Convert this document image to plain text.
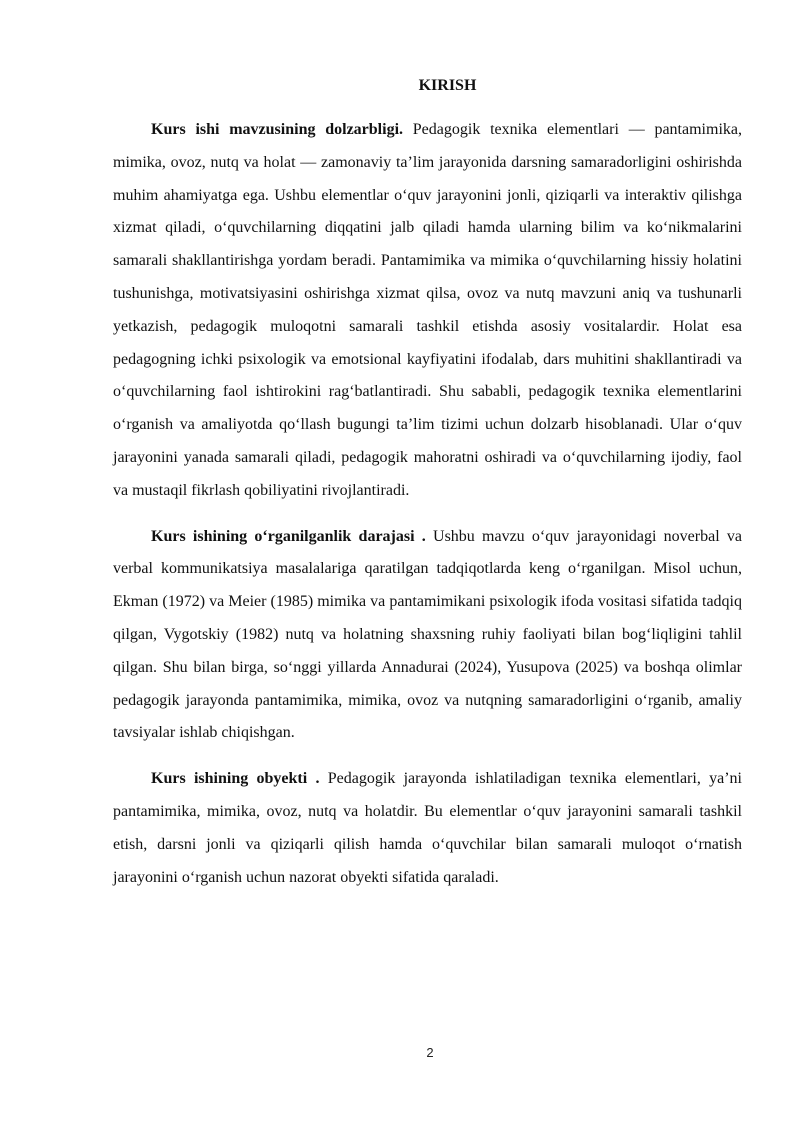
KIRISH

Kurs ishi mavzusining dolzarbligi. Pedagogik texnika elementlari — pantamimika, mimika, ovoz, nutq va holat — zamonaviy ta’lim jarayonida darsning samaradorligini oshirishda muhim ahamiyatga ega. Ushbu elementlar o‘quv jarayonini jonli, qiziqarli va interaktiv qilishga xizmat qiladi, o‘quvchilarning diqqatini jalb qiladi hamda ularning bilim va ko‘nikmalarini samarali shakllantirishga yordam beradi. Pantamimika va mimika o‘quvchilarning hissiy holatini tushunishga, motivatsiyasini oshirishga xizmat qilsa, ovoz va nutq mavzuni aniq va tushunarli yetkazish, pedagogik muloqotni samarali tashkil etishda asosiy vositalardir. Holat esa pedagogning ichki psixologik va emotsional kayfiyatini ifodalab, dars muhitini shakllantiradi va o‘quvchilarning faol ishtirokini rag‘batlantiradi. Shu sababli, pedagogik texnika elementlarini o‘rganish va amaliyotda qo‘llash bugungi ta’lim tizimi uchun dolzarb hisoblanadi. Ular o‘quv jarayonini yanada samarali qiladi, pedagogik mahoratni oshiradi va o‘quvchilarning ijodiy, faol va mustaqil fikrlash qobiliyatini rivojlantiradi.

Kurs ishining o‘rganilganlik darajasi . Ushbu mavzu o‘quv jarayonidagi noverbal va verbal kommunikatsiya masalalariga qaratilgan tadqiqotlarda keng o‘rganilgan. Misol uchun, Ekman (1972) va Meier (1985) mimika va pantamimikani psixologik ifoda vositasi sifatida tadqiq qilgan, Vygotskiy (1982) nutq va holatning shaxsning ruhiy faoliyati bilan bog‘liqligini tahlil qilgan. Shu bilan birga, so‘nggi yillarda Annadurai (2024), Yusupova (2025) va boshqa olimlar pedagogik jarayonda pantamimika, mimika, ovoz va nutqning samaradorligini o‘rganib, amaliy tavsiyalar ishlab chiqishgan.

Kurs ishining obyekti . Pedagogik jarayonda ishlatiladigan texnika elementlari, ya’ni pantamimika, mimika, ovoz, nutq va holatdir. Bu elementlar o‘quv jarayonini samarali tashkil etish, darsni jonli va qiziqarli qilish hamda o‘quvchilar bilan samarali muloqot o‘rnatish jarayonini o‘rganish uchun nazorat obyekti sifatida qaraladi.

2
